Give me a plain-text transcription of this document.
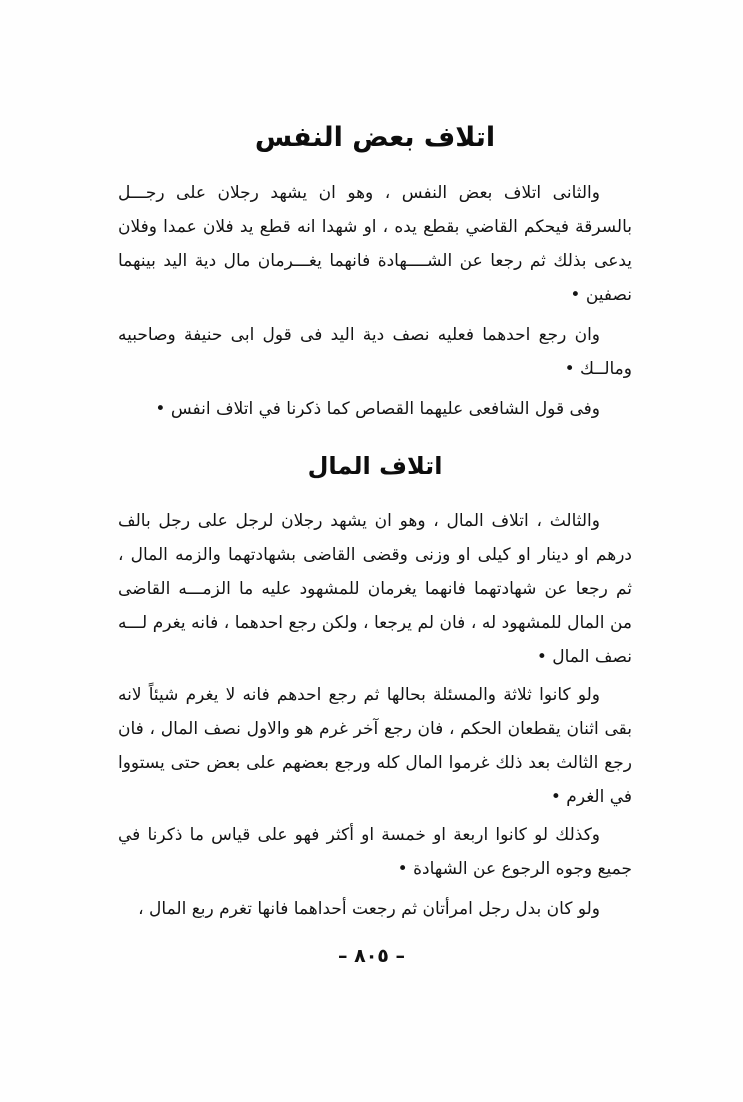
اتلاف بعض النفس
والثانى اتلاف بعض النفس ، وهو ان يشهد رجلان على رجـــل بالسرقة فيحكم القاضي بقطع يده ، او شهدا انه قطع يد فلان عمدا وفلان يدعى بذلك ثم رجعا عن الشــــهادة فانهما يغـــرمان مال دية اليد بينهما نصفين •
وان رجع احدهما فعليه نصف دية اليد فى قول ابى حنيفة وصاحبيه ومالــك •
وفى قول الشافعى عليهما القصاص كما ذكرنا في اتلاف انفس •
اتلاف المال
والثالث ، اتلاف المال ، وهو ان يشهد رجلان لرجل على رجل بالف درهم او دينار او كيلى او وزنى وقضى القاضى بشهادتهما والزمه المال ، ثم رجعا عن شهادتهما فانهما يغرمان للمشهود عليه ما الزمـــه القاضى من المال للمشهود له ، فان لم يرجعا ، ولكن رجع احدهما ، فانه يغرم لـــه نصف المال •
ولو كانوا ثلاثة والمسئلة بحالها ثم رجع احدهم فانه لا يغرم شيئاً لانه بقى اثنان يقطعان الحكم ، فان رجع آخر غرم هو والاول نصف المال ، فان رجع الثالث بعد ذلك غرموا المال كله ورجع بعضهم على بعض حتى يستووا في الغرم •
وكذلك لو كانوا اربعة او خمسة او أكثر فهو على قياس ما ذكرنا في جميع وجوه الرجوع عن الشهادة •
ولو كان بدل رجل امرأتان ثم رجعت أحداهما فانها تغرم ربع المال ،
– ٨٠٥ –
